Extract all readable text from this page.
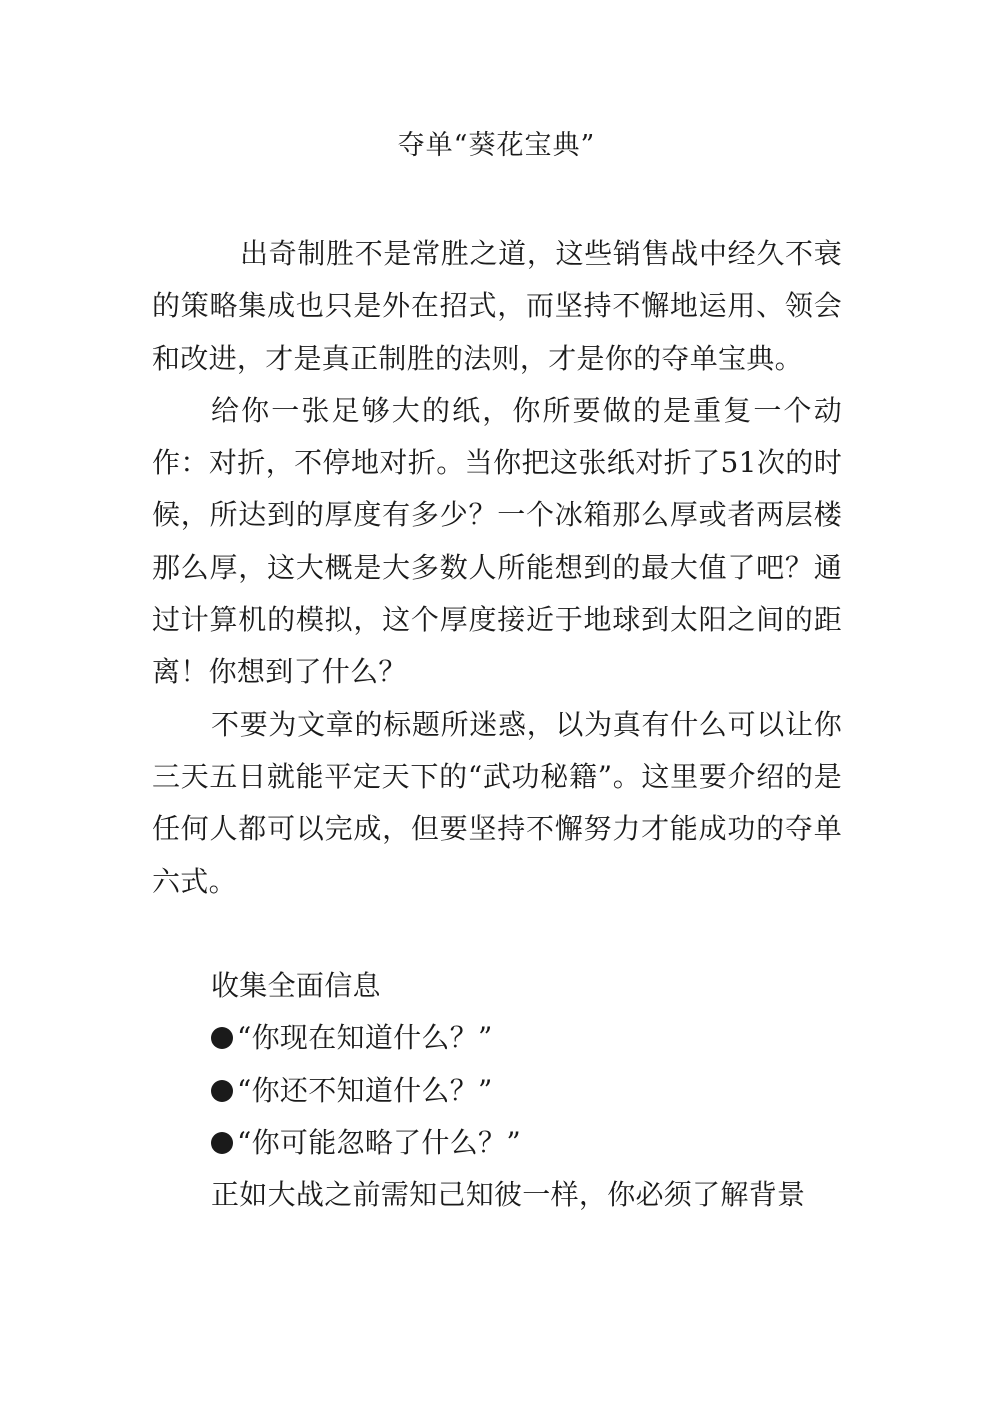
夺单“葵花宝典”

出奇制胜不是常胜之道，这些销售战中经久不衰的策略集成也只是外在招式，而坚持不懈地运用、领会和改进，才是真正制胜的法则，才是你的夺单宝典。

给你一张足够大的纸，你所要做的是重复一个动作：对折，不停地对折。当你把这张纸对折了51次的时候，所达到的厚度有多少？一个冰箱那么厚或者两层楼那么厚，这大概是大多数人所能想到的最大值了吧？通过计算机的模拟，这个厚度接近于地球到太阳之间的距离！你想到了什么？

不要为文章的标题所迷惑，以为真有什么可以让你三天五日就能平定天下的“武功秘籍”。这里要介绍的是任何人都可以完成，但要坚持不懈努力才能成功的夺单六式。

收集全面信息

“你现在知道什么？”

“你还不知道什么？”

“你可能忽略了什么？”

正如大战之前需知己知彼一样，你必须了解背景
